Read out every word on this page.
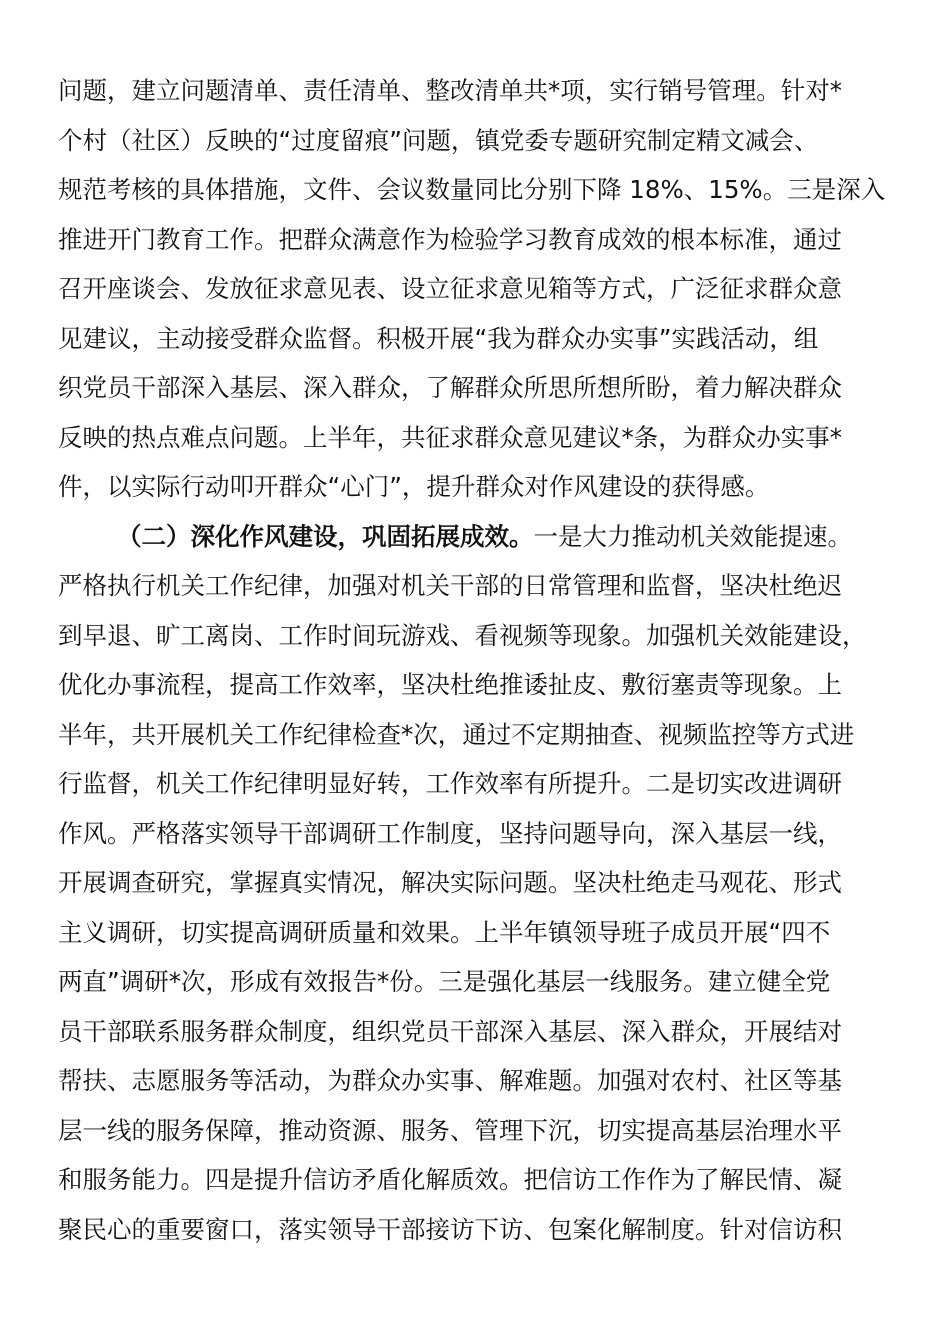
问题，建立问题清单、责任清单、整改清单共*项，实行销号管理。针对*
个村（社区）反映的“过度留痕”问题，镇党委专题研究制定精文减会、
规范考核的具体措施，文件、会议数量同比分别下降 18%、15%。三是深入
推进开门教育工作。把群众满意作为检验学习教育成效的根本标准，通过
召开座谈会、发放征求意见表、设立征求意见箱等方式，广泛征求群众意
见建议，主动接受群众监督。积极开展“我为群众办实事”实践活动，组
织党员干部深入基层、深入群众，了解群众所思所想所盼，着力解决群众
反映的热点难点问题。上半年，共征求群众意见建议*条，为群众办实事*
件，以实际行动叩开群众“心门”，提升群众对作风建设的获得感。
（二）深化作风建设，巩固拓展成效。一是大力推动机关效能提速。
严格执行机关工作纪律，加强对机关干部的日常管理和监督，坚决杜绝迟
到早退、旷工离岗、工作时间玩游戏、看视频等现象。加强机关效能建设，
优化办事流程，提高工作效率，坚决杜绝推诿扯皮、敷衍塞责等现象。上
半年，共开展机关工作纪律检查*次，通过不定期抽查、视频监控等方式进
行监督，机关工作纪律明显好转，工作效率有所提升。二是切实改进调研
作风。严格落实领导干部调研工作制度，坚持问题导向，深入基层一线，
开展调查研究，掌握真实情况，解决实际问题。坚决杜绝走马观花、形式
主义调研，切实提高调研质量和效果。上半年镇领导班子成员开展“四不
两直”调研*次，形成有效报告*份。三是强化基层一线服务。建立健全党
员干部联系服务群众制度，组织党员干部深入基层、深入群众，开展结对
帮扶、志愿服务等活动，为群众办实事、解难题。加强对农村、社区等基
层一线的服务保障，推动资源、服务、管理下沉，切实提高基层治理水平
和服务能力。四是提升信访矛盾化解质效。把信访工作作为了解民情、凝
聚民心的重要窗口，落实领导干部接访下访、包案化解制度。针对信访积
